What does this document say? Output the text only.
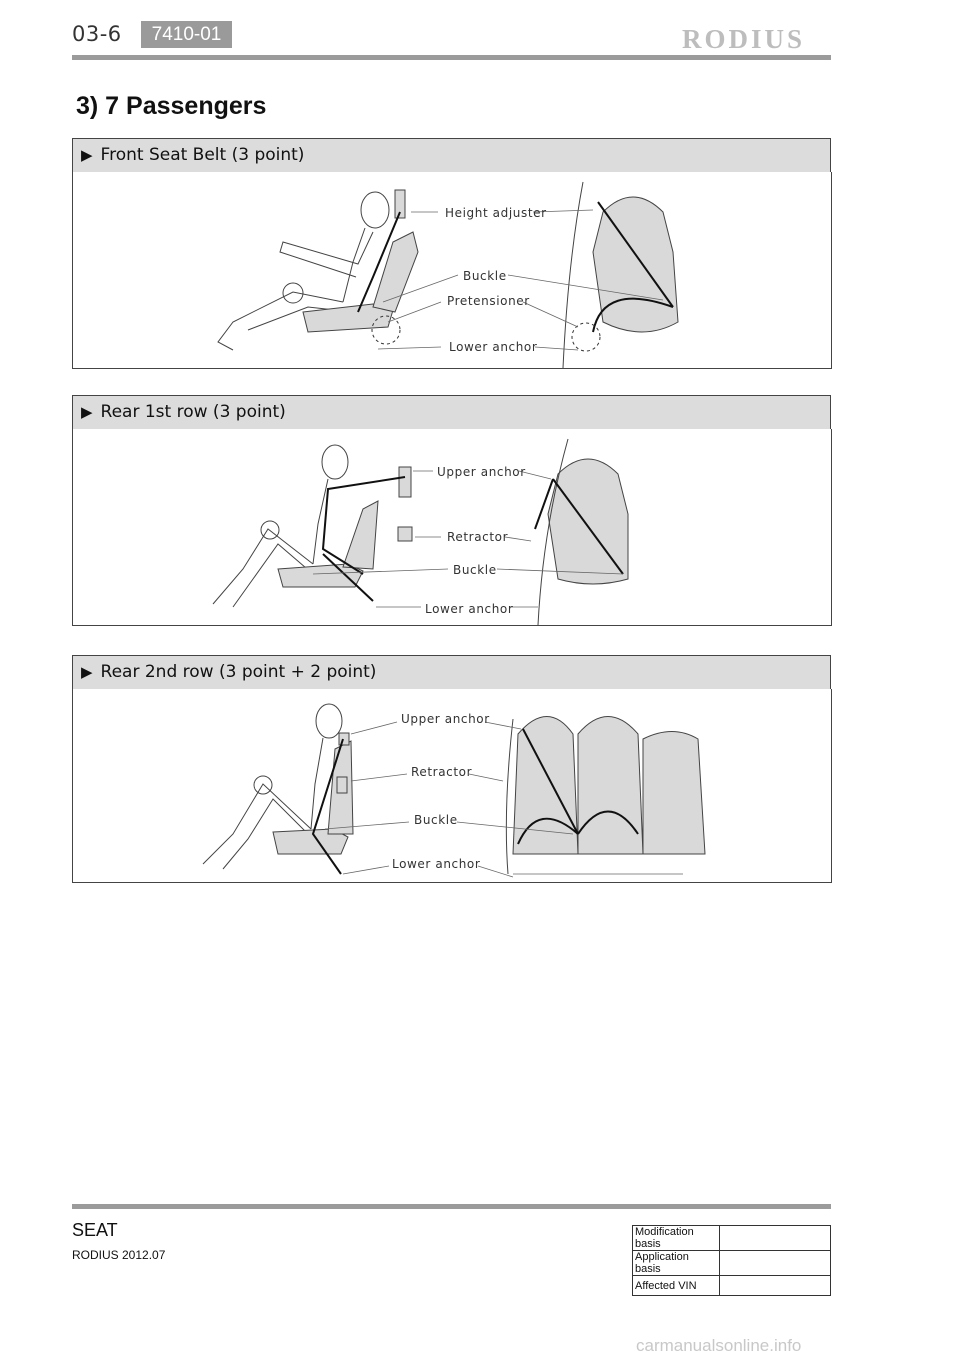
03-6	7410-01	RODIUS
3) 7 Passengers
▶ Front Seat Belt (3 point)
Height adjuster
Buckle
Pretensioner
Lower anchor
▶ Rear 1st row (3 point)
Upper anchor
Retractor
Buckle
Lower anchor
▶ Rear 2nd row (3 point + 2 point)
Upper anchor
Retractor
Buckle
Lower anchor
SEAT
RODIUS 2012.07
Modification basis	
Application basis	
Affected VIN	
carmanualsonline.info
